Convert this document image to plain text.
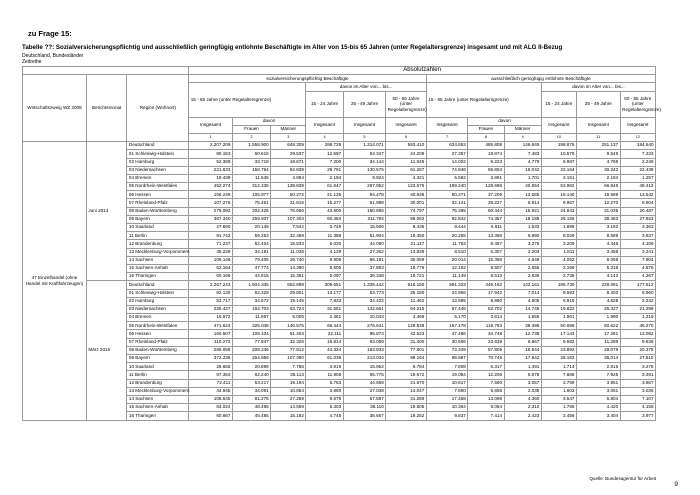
zu Frage 15:
Tabelle ??: Sozialversicherungspflichtig und ausschließlich geringfügig entlohnte Beschäftigte im Alter von 15-bis 65 Jahren (unter Regelaltersgrenze) insgesamt und mit ALG II-Bezug
Deutschland, Bundesländer
Zeitreihe
			Absolutzahlen											
Wirtschaftszweig WZ 2008	Berichtsmonat	Region (Wohnort)	sozialversicherungspflichtig Beschäftigte						ausschließlich geringfügig entlohnte Beschäftigte					
			15 - 65 Jahre (unter Regelaltersgrenze)			davon im Alter von... bis...			15 - 65 Jahre (unter Regelaltersgrenze)			davon im Alter von... bis...		
						15 - 24 Jahre	25 - 49 Jahre	50 - 65 Jahre (unter Regelaltersgrenze)				15 - 24 Jahre	25 - 49 Jahre	50 - 65 Jahre (unter Regelaltersgrenze)
			Insgesamt	davon		Insgesamt	Insgesamt	Insgesamt	Insgesamt	davon		Insgesamt	Insgesamt	Insgesamt
				Frauen	Männer					Frauen	Männer			
			1	2	3	4	5	6	7	8	9	10	11	12
47 Einzelhandel (ohne Handel mit Kraftfahrzeugen)	Juni 2014	Deutschland	2.207.209	1.558.900	648.309	299.728	1.314.071	593.410	634.653	485.808	148.845	198.876	251.137	184.640
		01 Schleswig-Holstein	90.153	60.616	29.537	12.597	53.347	24.209	27.357	19.874	7.483	10.579	9.545	7.233
		02 Hamburg	52.389	33.718	18.671	7.200	34.144	11.045	14.002	9.223	4.779	6.987	4.769	2.246
		03 Niedersachsen	221.633	158.794	62.839	29.791	130.575	61.267	74.846	58.804	16.042	22.164	30.243	22.439
		04 Bremen	16.439	11.545	4.894	2.194	9.924	4.321	5.592	3.891	1.701	2.151	2.184	1.257
		05 Nordrhein-Westfalen	452.274	312.435	139.839	61.647	267.952	122.675	169.240	128.686	40.554	53.982	66.845	48.413
		06 Hessen	156.249	105.977	50.272	21.135	94.478	40.636	50.271	37.206	13.065	18.140	18.589	13.542
		07 Rheinland-Pfalz	107.276	75.461	31.815	15.277	61.998	30.001	32.141	25.227	6.914	9.967	12.270	9.904
		08 Baden-Württemberg	279.082	202.426	76.656	43.600	160.685	74.797	76.365	60.444	15.921	24.843	31.035	20.487
		09 Bayern	367.340	259.937	107.403	60.484	211.794	95.062	92.542	74.357	18.185	26.156	38.463	27.923
		10 Saarland	27.690	20.148	7.542	3.749	15.506	8.435	8.444	6.811	1.633	1.899	3.182	3.363
		11 Berlin	91.742	59.253	32.489	11.388	61.904	18.450	20.255	13.365	6.890	8.029	8.589	3.637
		12 Brandenburg	71.237	52.404	18.833	6.030	44.090	21.117	11.763	8.487	3.276	3.209	4.446	4.108
		13 Mecklenburg-Vorpommern	45.229	34.191	11.038	4.129	27.262	13.839	8.510	6.307	2.203	1.811	3.458	3.241
		14 Sachsen	106.146	79.406	26.740	9.906	66.181	30.059	20.014	15.365	4.649	4.052	8.058	7.904
		15 Sachsen-Anhalt	62.164	47.774	14.390	5.505	37.883	18.776	12.162	9.507	2.655	2.168	5.318	4.676
		16 Thüringen	60.166	44.815	15.351	5.097	36.348	18.721	11.149	8.513	2.636	2.739	4.143	4.267
	März 2015	Deutschland	2.267.243	1.604.345	662.898	309.651	1.339.442	618.150	591.323	449.162	142.161	185.730	228.081	177.512
		01 Schleswig-Holstein	92.130	62.329	29.801	13.177	53.773	25.180	24.956	17.942	7.014	9.593	8.403	6.960
		02 Hamburg	53.717	34.572	19.145	7.833	34.422	11.462	13.685	8.880	4.805	6.915	4.528	2.242
		03 Niedersachsen	228.427	164.703	63.724	31.551	132.661	64.215	67.446	52.702	14.746	19.822	26.327	21.299
		04 Bremen	16.872	11.867	5.005	2.361	10.043	4.468	5.170	3.614	1.556	1.961	1.990	1.219
		05 Nordrhein-Westfalen	471.623	325.048	146.575	66.444	276.641	128.538	157.178	118.783	38.395	50.086	60.622	46.270
		06 Hessen	160.507	109.104	51.403	22.111	95.873	42.523	47.486	34.748	12.738	17.143	17.261	13.082
		07 Rheinland-Pfalz	110.273	77.947	32.326	15.814	63.059	31.400	30.506	23.639	6.867	9.582	11.286	9.638
		08 Baden-Württemberg	286.058	208.246	77.812	44.324	163.933	77.801	73.349	57.805	15.544	23.892	29.079	20.378
		09 Bayern	372.236	264.856	107.380	61.038	213.034	98.164	88.687	70.745	17.942	25.163	36.014	27.510
		10 Saarland	28.655	20.899	7.756	3.919	15.952	8.784	7.808	6.317	1.491	1.714	2.816	3.278
		11 Berlin	97.353	62.240	35.113	11.905	65.775	19.672	19.084	12.206	6.878	7.668	7.925	3.491
		12 Brandenburg	72.411	53.217	19.194	5.763	44.658	21.970	10.617	7.560	3.057	2.799	3.951	3.867
		13 Mecklenburg-Vorpommern	44.945	34.091	10.854	3.860	27.038	14.047	7.690	5.655	2.035	1.603	3.051	3.036
		14 Sachsen	108.545	81.276	27.269	9.679	67.597	31.269	17.458	13.098	4.360	3.547	6.804	7.107
		15 Sachsen-Anhalt	63.024	48.465	14.559	5.303	38.116	19.605	10.364	8.054	2.310	1.786	4.420	4.158
		16 Thüringen	60.667	45.485	15.182	4.748	36.667	19.252	9.837	7.414	2.423	2.456	3.404	3.977
Quelle: Bundesagentur für Arbeit
9
